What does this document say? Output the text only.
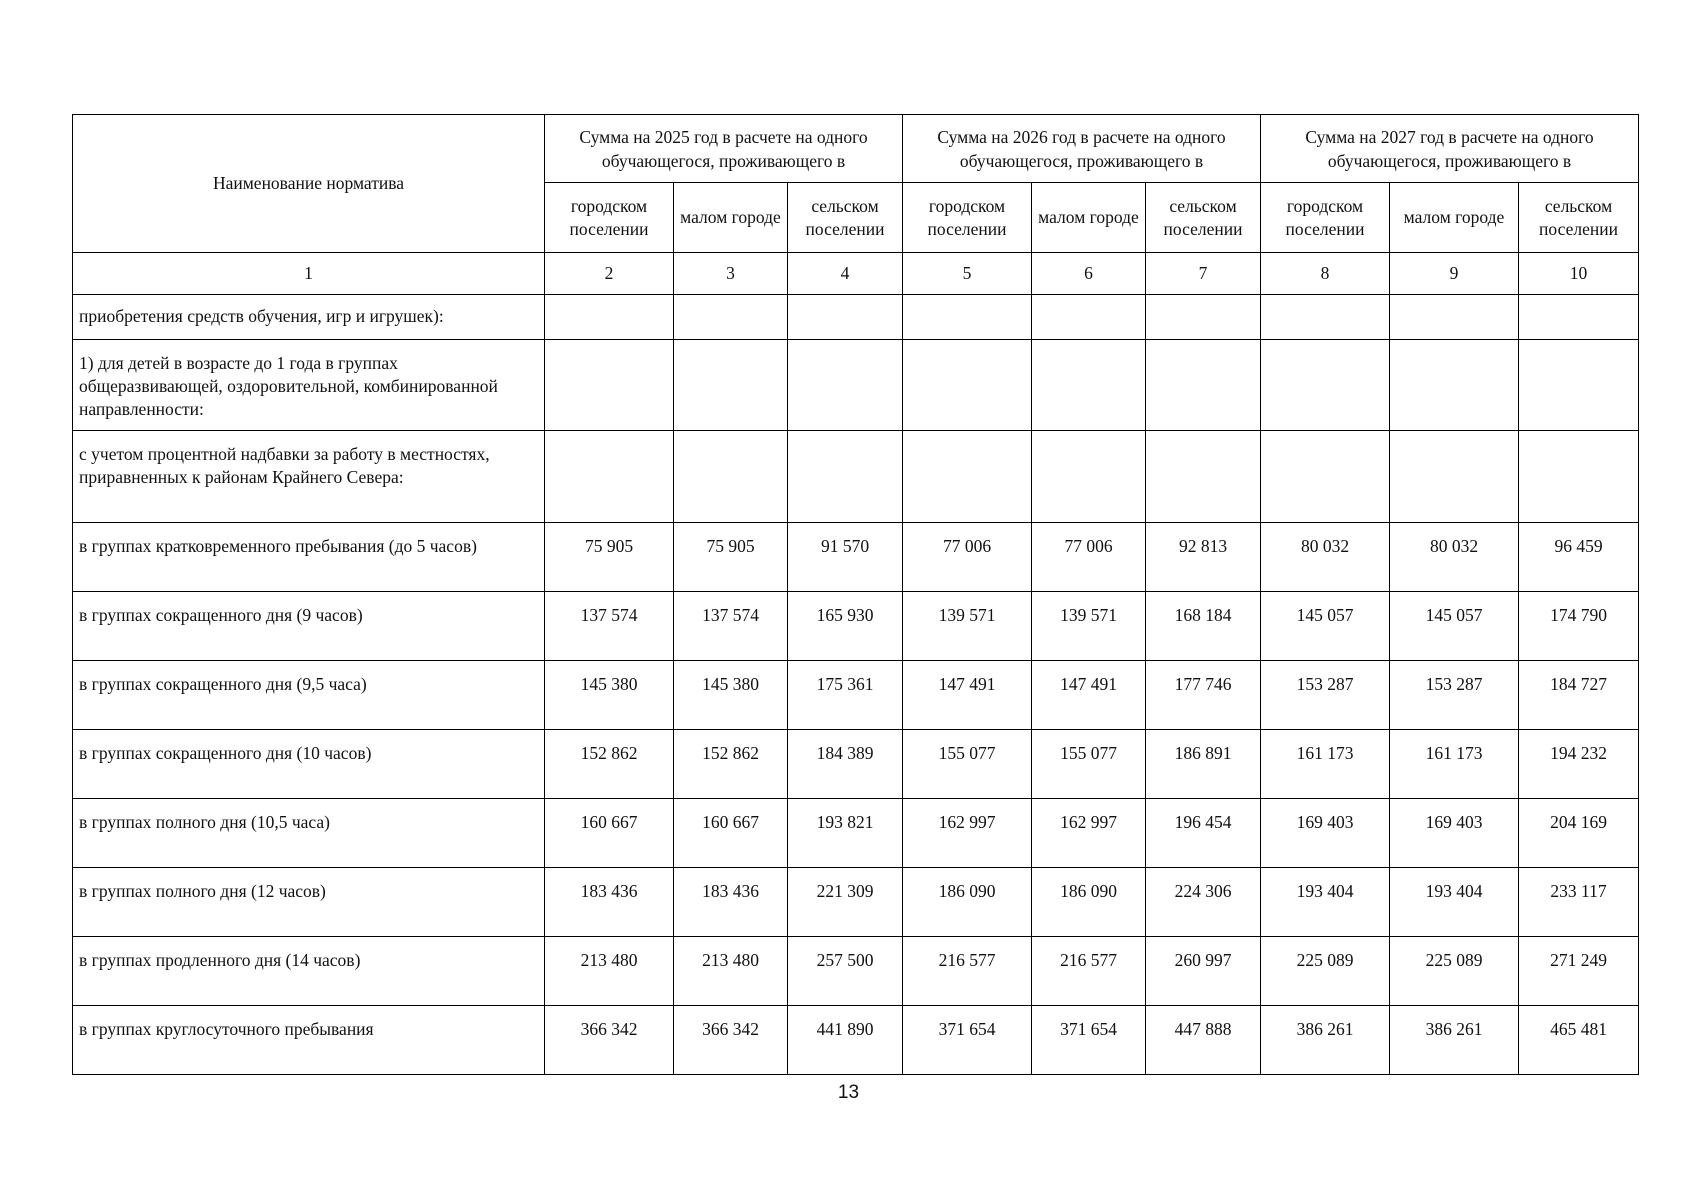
Наименование норматива	Сумма на 2025 год в расчете на одного обучающегося, проживающего в			Сумма на 2026 год в расчете на одного обучающегося, проживающего в			Сумма на 2027 год в расчете на одного обучающегося, проживающего в		
	городском поселении	малом городе	сельском поселении	городском поселении	малом городе	сельском поселении	городском поселении	малом городе	сельском поселении
1	2	3	4	5	6	7	8	9	10
приобретения средств обучения, игр и игрушек):									
1) для детей в возрасте до 1 года в группах общеразвивающей, оздоровительной, комбинированной направленности:									
с учетом процентной надбавки за работу в местностях, приравненных к районам Крайнего Севера:									
в группах кратковременного пребывания (до 5 часов)	75 905	75 905	91 570	77 006	77 006	92 813	80 032	80 032	96 459
в группах сокращенного дня (9 часов)	137 574	137 574	165 930	139 571	139 571	168 184	145 057	145 057	174 790
в группах сокращенного дня (9,5 часа)	145 380	145 380	175 361	147 491	147 491	177 746	153 287	153 287	184 727
в группах сокращенного дня (10 часов)	152 862	152 862	184 389	155 077	155 077	186 891	161 173	161 173	194 232
в группах полного дня (10,5 часа)	160 667	160 667	193 821	162 997	162 997	196 454	169 403	169 403	204 169
в группах полного дня (12 часов)	183 436	183 436	221 309	186 090	186 090	224 306	193 404	193 404	233 117
в группах продленного дня (14 часов)	213 480	213 480	257 500	216 577	216 577	260 997	225 089	225 089	271 249
в группах круглосуточного пребывания	366 342	366 342	441 890	371 654	371 654	447 888	386 261	386 261	465 481
13
